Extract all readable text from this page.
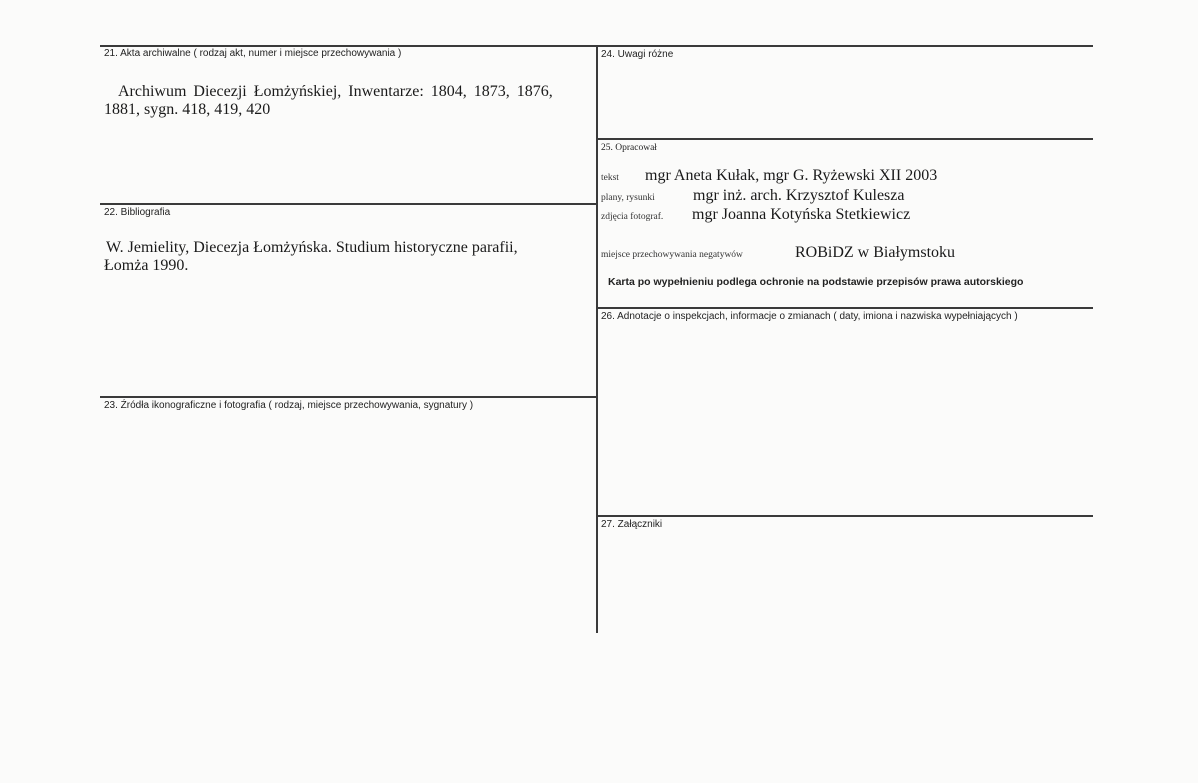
21. Akta archiwalne ( rodzaj akt, numer i miejsce przechowywania )
Archiwum Diecezji Łomżyńskiej, Inwentarze: 1804, 1873, 1876,
1881, sygn. 418, 419, 420
22. Bibliografia
W. Jemielity, Diecezja Łomżyńska. Studium historyczne parafii,
Łomża 1990.
23. Źródła ikonograficzne i fotografia ( rodzaj, miejsce przechowywania, sygnatury )
24. Uwagi różne
25. Opracował
tekst mgr Aneta Kułak, mgr G. Ryżewski XII 2003
plany, rysunki mgr inż. arch. Krzysztof Kulesza
zdjęcia fotograf. mgr Joanna Kotyńska Stetkiewicz
miejsce przechowywania negatywów	ROBiDZ w Białymstoku
Karta po wypełnieniu podlega ochronie na podstawie przepisów prawa autorskiego
26. Adnotacje o inspekcjach, informacje o zmianach ( daty, imiona i nazwiska wypełniających )
27. Załączniki
